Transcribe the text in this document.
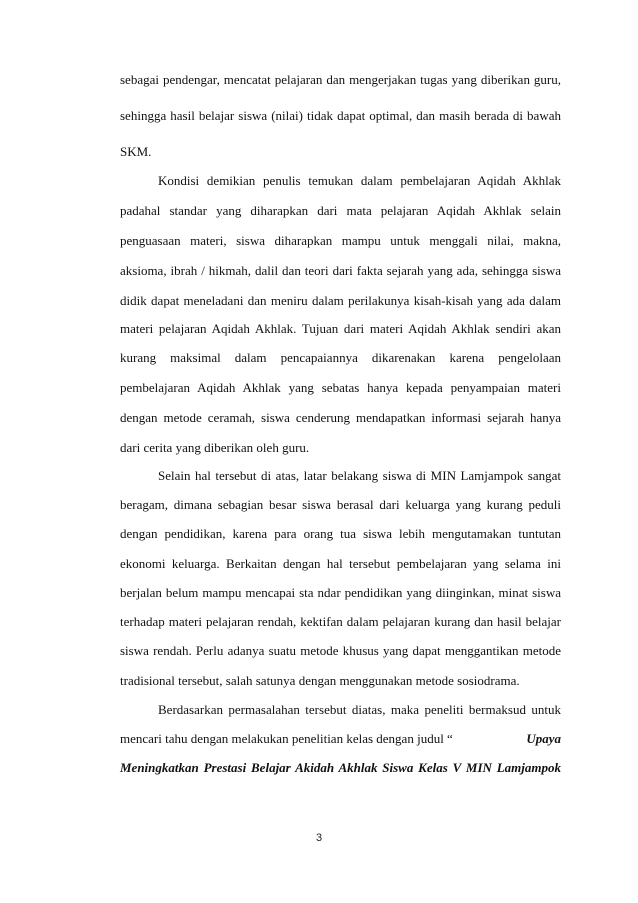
sebagai pendengar, mencatat pelajaran dan mengerjakan tugas yang diberikan guru,
sehingga hasil belajar siswa (nilai) tidak dapat optimal, dan masih berada di bawah
SKM.
Kondisi demikian penulis temukan dalam pembelajaran Aqidah Akhlak
padahal standar yang diharapkan dari mata pelajaran Aqidah Akhlak selain
penguasaan materi, siswa diharapkan mampu untuk menggali nilai, makna,
aksioma, ibrah / hikmah, dalil dan teori dari fakta sejarah yang ada, sehingga siswa
didik dapat meneladani dan meniru dalam perilakunya kisah-kisah yang ada dalam
materi pelajaran Aqidah Akhlak. Tujuan dari materi Aqidah Akhlak sendiri akan
kurang maksimal dalam pencapaiannya dikarenakan karena pengelolaan
pembelajaran Aqidah Akhlak yang sebatas hanya kepada penyampaian materi
dengan metode ceramah, siswa cenderung mendapatkan informasi sejarah hanya
dari cerita yang diberikan oleh guru.
Selain hal tersebut di atas, latar belakang siswa di MIN Lamjampok sangat
beragam, dimana sebagian besar siswa berasal dari keluarga yang kurang peduli
dengan pendidikan, karena para orang tua siswa lebih mengutamakan tuntutan
ekonomi keluarga. Berkaitan dengan hal tersebut pembelajaran yang selama ini
berjalan belum mampu mencapai sta ndar pendidikan yang diinginkan, minat siswa
terhadap materi pelajaran rendah, kektifan dalam pelajaran kurang dan hasil belajar
siswa rendah. Perlu adanya suatu metode khusus yang dapat menggantikan metode
tradisional tersebut, salah satunya dengan menggunakan metode sosiodrama.
Berdasarkan permasalahan tersebut diatas, maka peneliti bermaksud untuk
mencari tahu dengan melakukan penelitian kelas dengan judul “	Upaya
Meningkatkan Prestasi Belajar Akidah Akhlak Siswa Kelas V MIN Lamjampok
3
